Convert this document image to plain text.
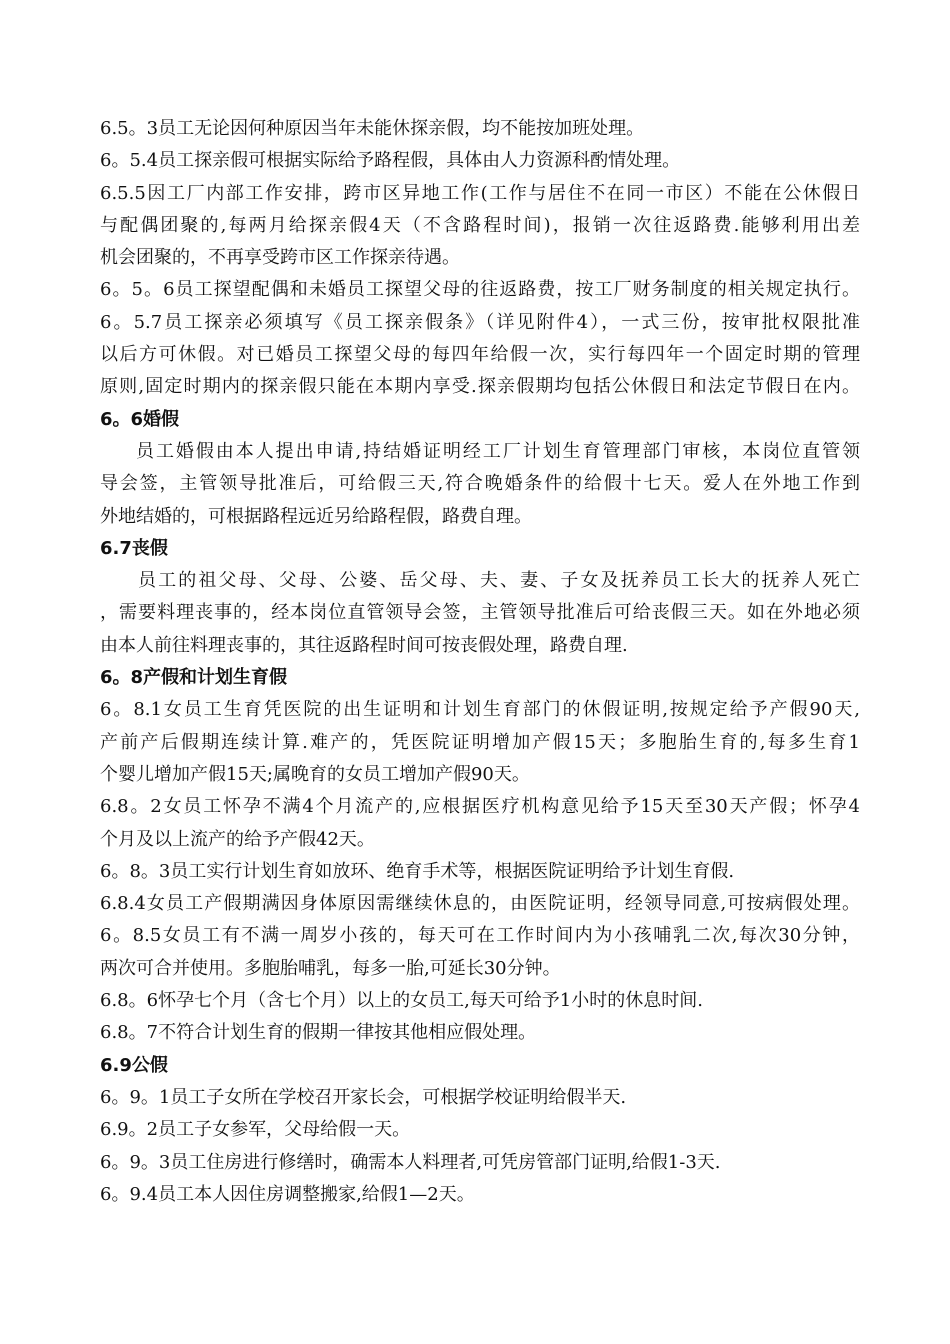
6.5。3员工无论因何种原因当年未能休探亲假，均不能按加班处理。
6。5.4员工探亲假可根据实际给予路程假，具体由人力资源科酌情处理。
6.5.5因工厂内部工作安排，跨市区异地工作(工作与居住不在同一市区）不能在公休假日
与配偶团聚的,每两月给探亲假4天（不含路程时间)，报销一次往返路费.能够利用出差
机会团聚的，不再享受跨市区工作探亲待遇。
6。5。6员工探望配偶和未婚员工探望父母的往返路费，按工厂财务制度的相关规定执行。
6。5.7员工探亲必须填写《员工探亲假条》（详见附件4），一式三份，按审批权限批准
以后方可休假。对已婚员工探望父母的每四年给假一次，实行每四年一个固定时期的管理
原则,固定时期内的探亲假只能在本期内享受.探亲假期均包括公休假日和法定节假日在内。
6。6婚假
员工婚假由本人提出申请,持结婚证明经工厂计划生育管理部门审核，本岗位直管领
导会签，主管领导批准后，可给假三天,符合晚婚条件的给假十七天。爱人在外地工作到
外地结婚的，可根据路程远近另给路程假，路费自理。
6.7丧假
员工的祖父母、父母、公婆、岳父母、夫、妻、子女及抚养员工长大的抚养人死亡
，需要料理丧事的，经本岗位直管领导会签，主管领导批准后可给丧假三天。如在外地必须
由本人前往料理丧事的，其往返路程时间可按丧假处理，路费自理.
6。8产假和计划生育假
6。8.1女员工生育凭医院的出生证明和计划生育部门的休假证明,按规定给予产假90天,
产前产后假期连续计算.难产的，凭医院证明增加产假15天；多胞胎生育的,每多生育1
个婴儿增加产假15天;属晚育的女员工增加产假90天。
6.8。2女员工怀孕不满4个月流产的,应根据医疗机构意见给予15天至30天产假；怀孕4
个月及以上流产的给予产假42天。
6。8。3员工实行计划生育如放环、绝育手术等，根据医院证明给予计划生育假.
6.8.4女员工产假期满因身体原因需继续休息的，由医院证明，经领导同意,可按病假处理。
6。8.5女员工有不满一周岁小孩的，每天可在工作时间内为小孩哺乳二次,每次30分钟，
两次可合并使用。多胞胎哺乳，每多一胎,可延长30分钟。
6.8。6怀孕七个月（含七个月）以上的女员工,每天可给予1小时的休息时间.
6.8。7不符合计划生育的假期一律按其他相应假处理。
6.9公假
6。9。1员工子女所在学校召开家长会，可根据学校证明给假半天.
6.9。2员工子女参军，父母给假一天。
6。9。3员工住房进行修缮时，确需本人料理者,可凭房管部门证明,给假1-3天.
6。9.4员工本人因住房调整搬家,给假1—2天。
